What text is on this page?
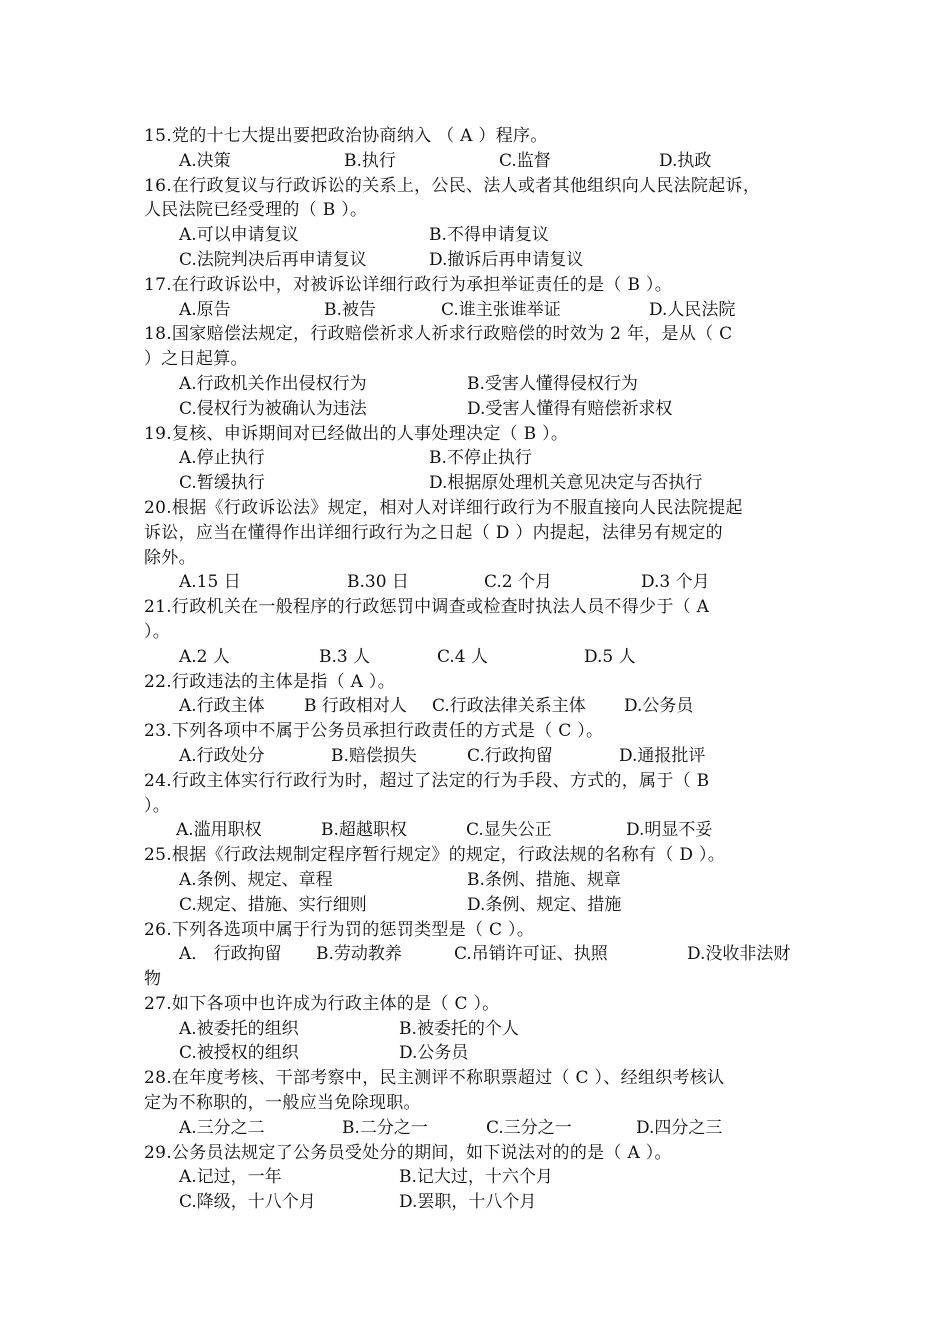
15.党的十七大提出要把政治协商纳入 （ A ）程序。
A.决策	B.执行	C.监督	D.执政
16.在行政复议与行政诉讼的关系上，公民、法人或者其他组织向人民法院起诉，
人民法院已经受理的（ B ）。
A.可以申请复议	B.不得申请复议
C.法院判决后再申请复议	D.撤诉后再申请复议
17.在行政诉讼中，对被诉讼详细行政行为承担举证责任的是（ B ）。
A.原告	B.被告	C.谁主张谁举证	D.人民法院
18.国家赔偿法规定，行政赔偿祈求人祈求行政赔偿的时效为 2 年，是从（ C
）之日起算。
A.行政机关作出侵权行为	B.受害人懂得侵权行为
C.侵权行为被确认为违法	D.受害人懂得有赔偿祈求权
19.复核、申诉期间对已经做出的人事处理决定（ B ）。
A.停止执行	B.不停止执行
C.暂缓执行	D.根据原处理机关意见决定与否执行
20.根据《行政诉讼法》规定，相对人对详细行政行为不服直接向人民法院提起
诉讼，应当在懂得作出详细行政行为之日起（ D ）内提起，法律另有规定的
除外。
A.15 日	B.30 日	C.2 个月	D.3 个月
21.行政机关在一般程序的行政惩罚中调查或检查时执法人员不得少于（ A
）。
A.2 人	B.3 人	C.4 人	D.5 人
22.行政违法的主体是指（ A ）。
A.行政主体 B 行政相对人 C.行政法律关系主体 D.公务员
23.下列各项中不属于公务员承担行政责任的方式是（ C ）。
A.行政处分	B.赔偿损失	C.行政拘留	D.通报批评
24.行政主体实行行政行为时，超过了法定的行为手段、方式的，属于（ B
）。
A.滥用职权	B.超越职权	C.显失公正	D.明显不妥
25.根据《行政法规制定程序暂行规定》的规定，行政法规的名称有（ D ）。
A.条例、规定、章程	B.条例、措施、规章
C.规定、措施、实行细则	D.条例、规定、措施
26.下列各选项中属于行为罚的惩罚类型是（ C ）。
A． 行政拘留 B.劳动教养	C.吊销许可证、执照	D.没收非法财
物
27.如下各项中也许成为行政主体的是（ C ）。
A.被委托的组织	B.被委托的个人
C.被授权的组织	D.公务员
28.在年度考核、干部考察中，民主测评不称职票超过（ C ）、经组织考核认
定为不称职的，一般应当免除现职。
A.三分之二	B.二分之一	C.三分之一	D.四分之三
29.公务员法规定了公务员受处分的期间，如下说法对的的是（ A ）。
A.记过，一年	B.记大过，十六个月
C.降级，十八个月	D.罢职，十八个月
